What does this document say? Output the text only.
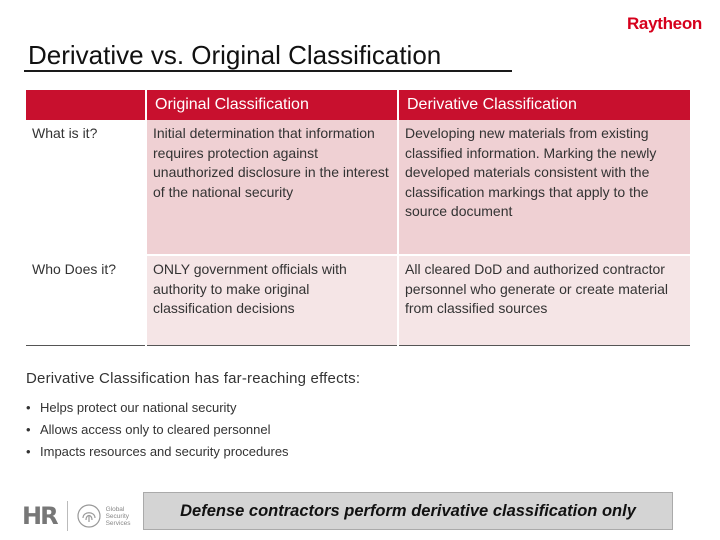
Raytheon
Derivative vs. Original Classification
	Original Classification	Derivative Classification
What is it?	Initial determination that information requires protection against unauthorized disclosure in the interest of the national security	Developing new materials from existing classified information. Marking the newly developed materials consistent with the classification markings that apply to the source document
Who Does it?	ONLY government officials with authority to make original classification decisions	All cleared DoD and authorized contractor personnel who generate or create material from classified sources
Derivative Classification has far-reaching effects:
• Helps protect our national security
• Allows access only to cleared personnel
• Impacts resources and security procedures
HR	Global
Security
Services
Defense contractors perform derivative classification only
